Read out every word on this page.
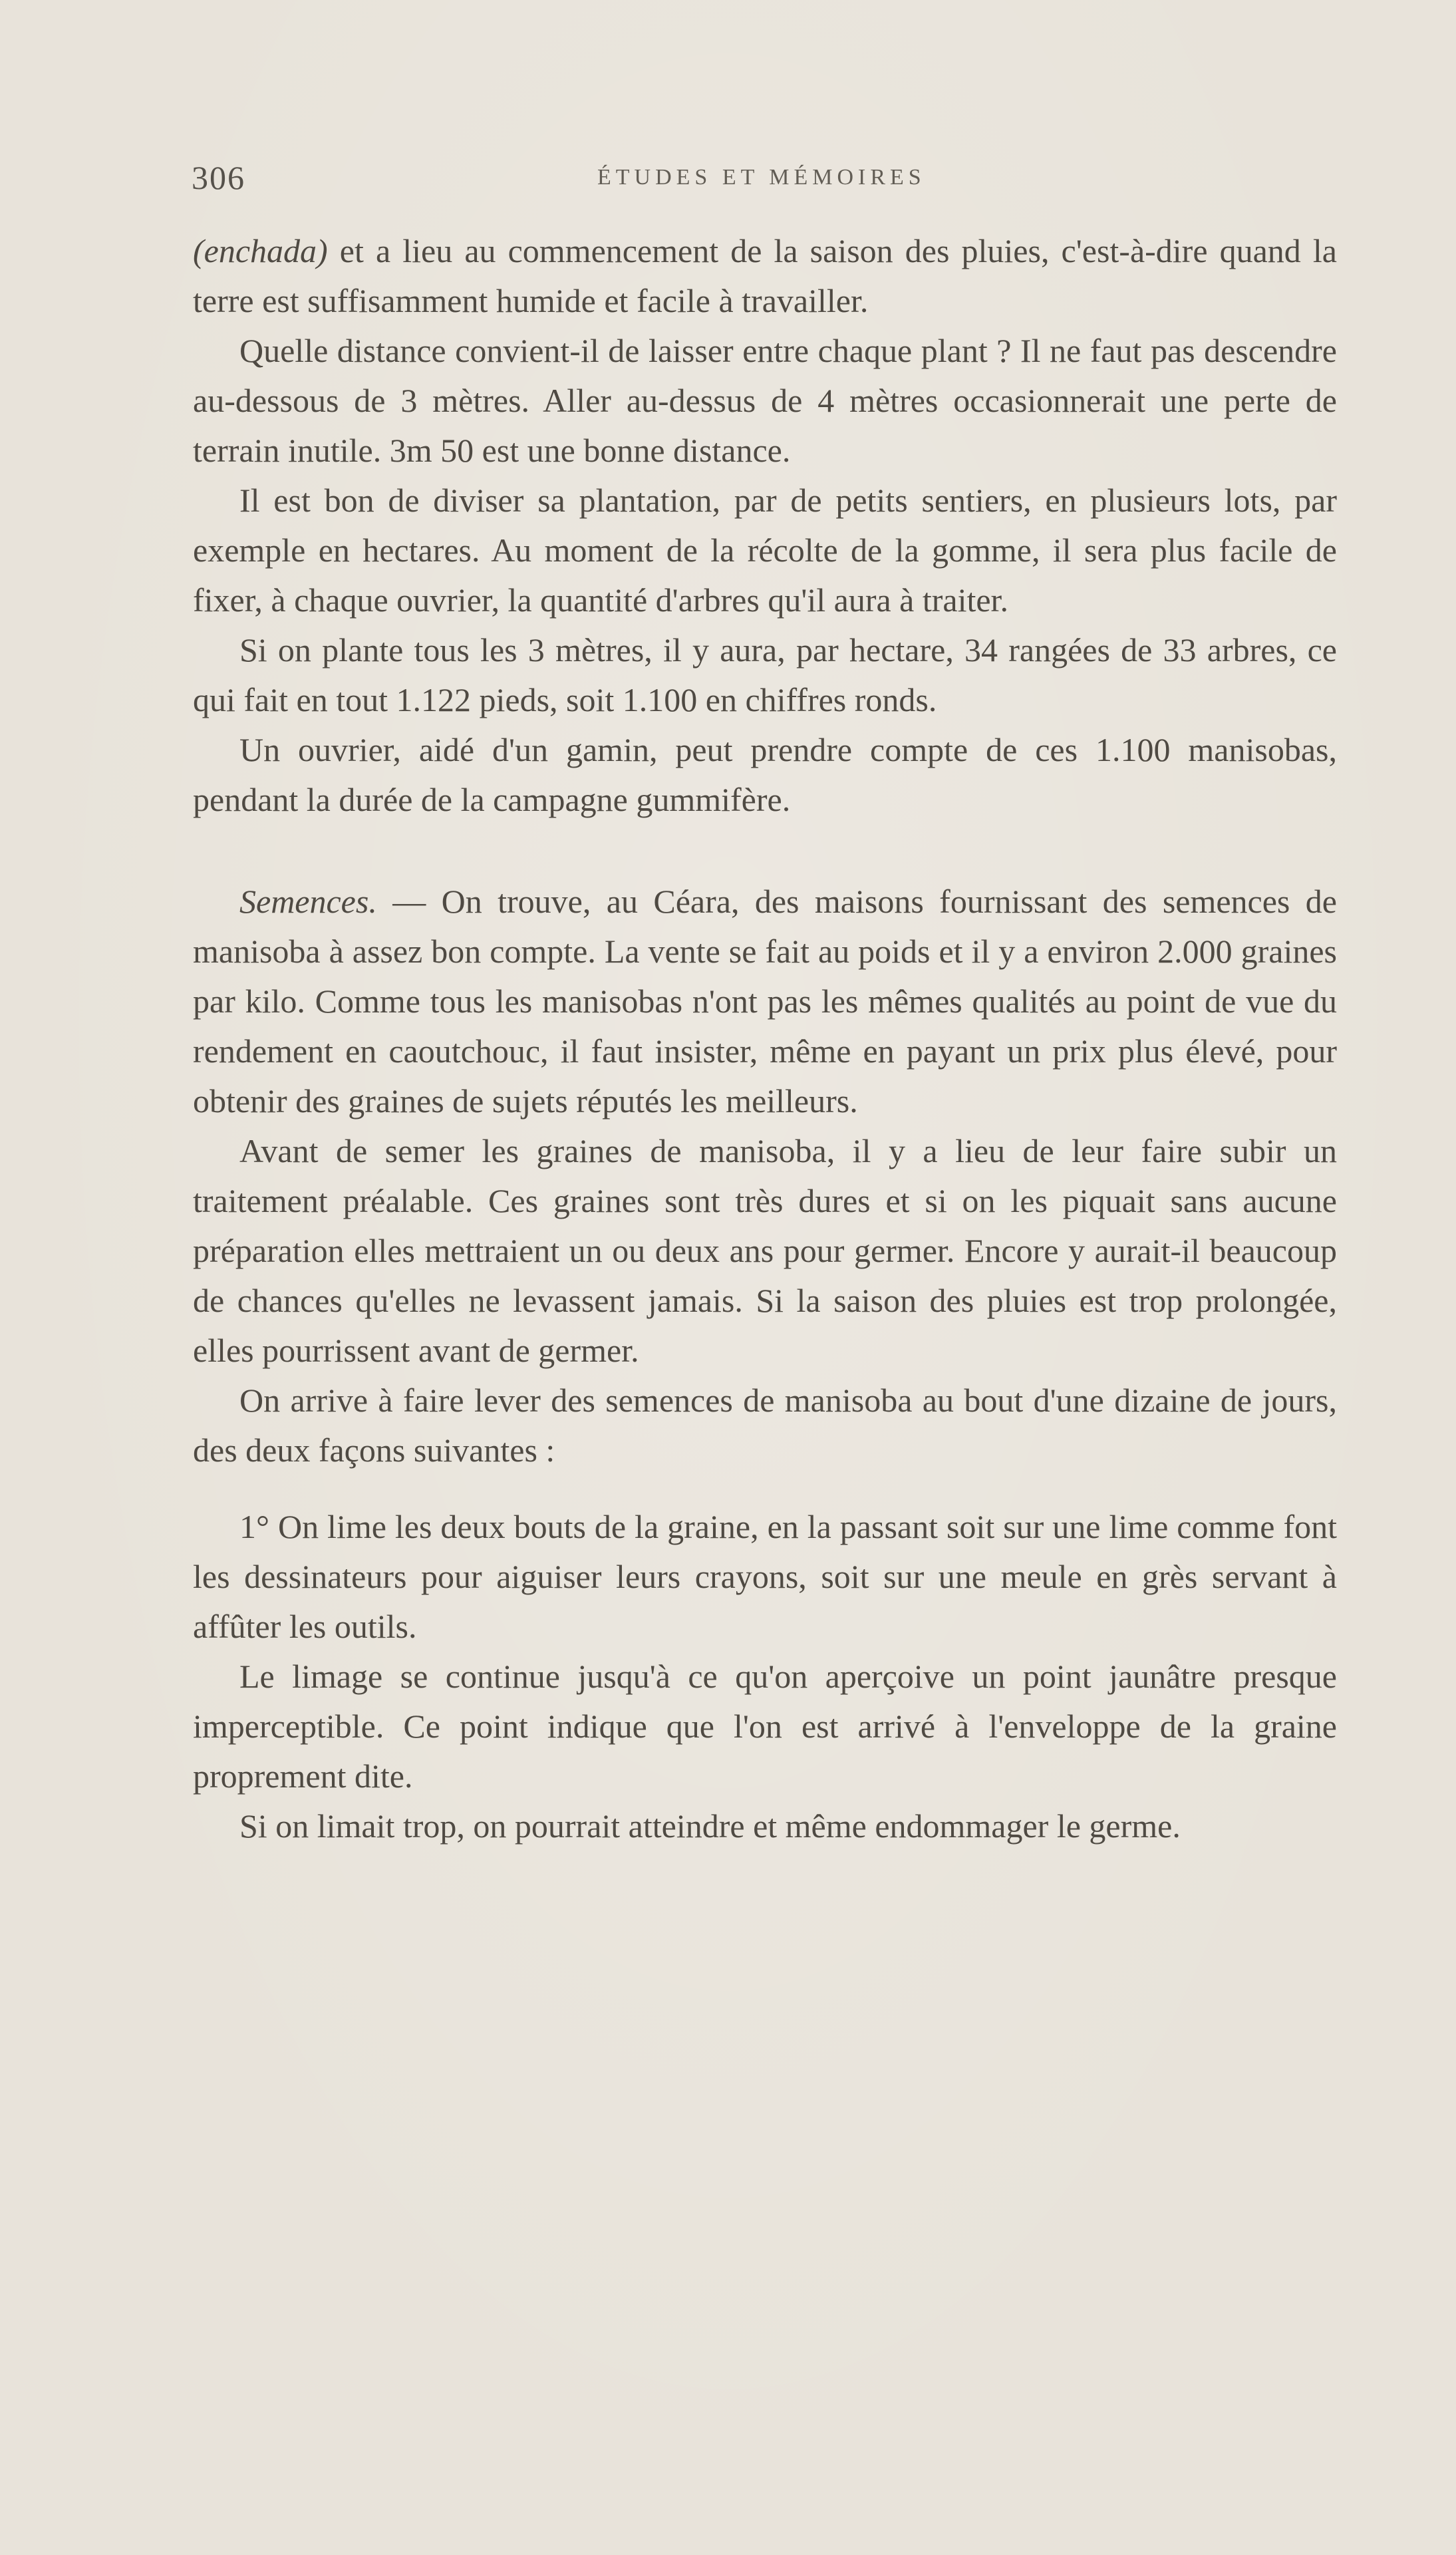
306	ÉTUDES ET MÉMOIRES

(enchada) et a lieu au commencement de la saison des pluies, c'est-à-dire quand la terre est suffisamment humide et facile à travailler.

Quelle distance convient-il de laisser entre chaque plant ? Il ne faut pas descendre au-dessous de 3 mètres. Aller au-dessus de 4 mètres occasionnerait une perte de terrain inutile. 3m 50 est une bonne distance.

Il est bon de diviser sa plantation, par de petits sentiers, en plusieurs lots, par exemple en hectares. Au moment de la récolte de la gomme, il sera plus facile de fixer, à chaque ouvrier, la quantité d'arbres qu'il aura à traiter.

Si on plante tous les 3 mètres, il y aura, par hectare, 34 rangées de 33 arbres, ce qui fait en tout 1.122 pieds, soit 1.100 en chiffres ronds.

Un ouvrier, aidé d'un gamin, peut prendre compte de ces 1.100 manisobas, pendant la durée de la campagne gummifère.

Semences. — On trouve, au Céara, des maisons fournissant des semences de manisoba à assez bon compte. La vente se fait au poids et il y a environ 2.000 graines par kilo. Comme tous les manisobas n'ont pas les mêmes qualités au point de vue du rendement en caoutchouc, il faut insister, même en payant un prix plus élevé, pour obtenir des graines de sujets réputés les meilleurs.

Avant de semer les graines de manisoba, il y a lieu de leur faire subir un traitement préalable. Ces graines sont très dures et si on les piquait sans aucune préparation elles mettraient un ou deux ans pour germer. Encore y aurait-il beaucoup de chances qu'elles ne levassent jamais. Si la saison des pluies est trop prolongée, elles pourrissent avant de germer.

On arrive à faire lever des semences de manisoba au bout d'une dizaine de jours, des deux façons suivantes :

1° On lime les deux bouts de la graine, en la passant soit sur une lime comme font les dessinateurs pour aiguiser leurs crayons, soit sur une meule en grès servant à affûter les outils.

Le limage se continue jusqu'à ce qu'on aperçoive un point jaunâtre presque imperceptible. Ce point indique que l'on est arrivé à l'enveloppe de la graine proprement dite.

Si on limait trop, on pourrait atteindre et même endommager le germe.
